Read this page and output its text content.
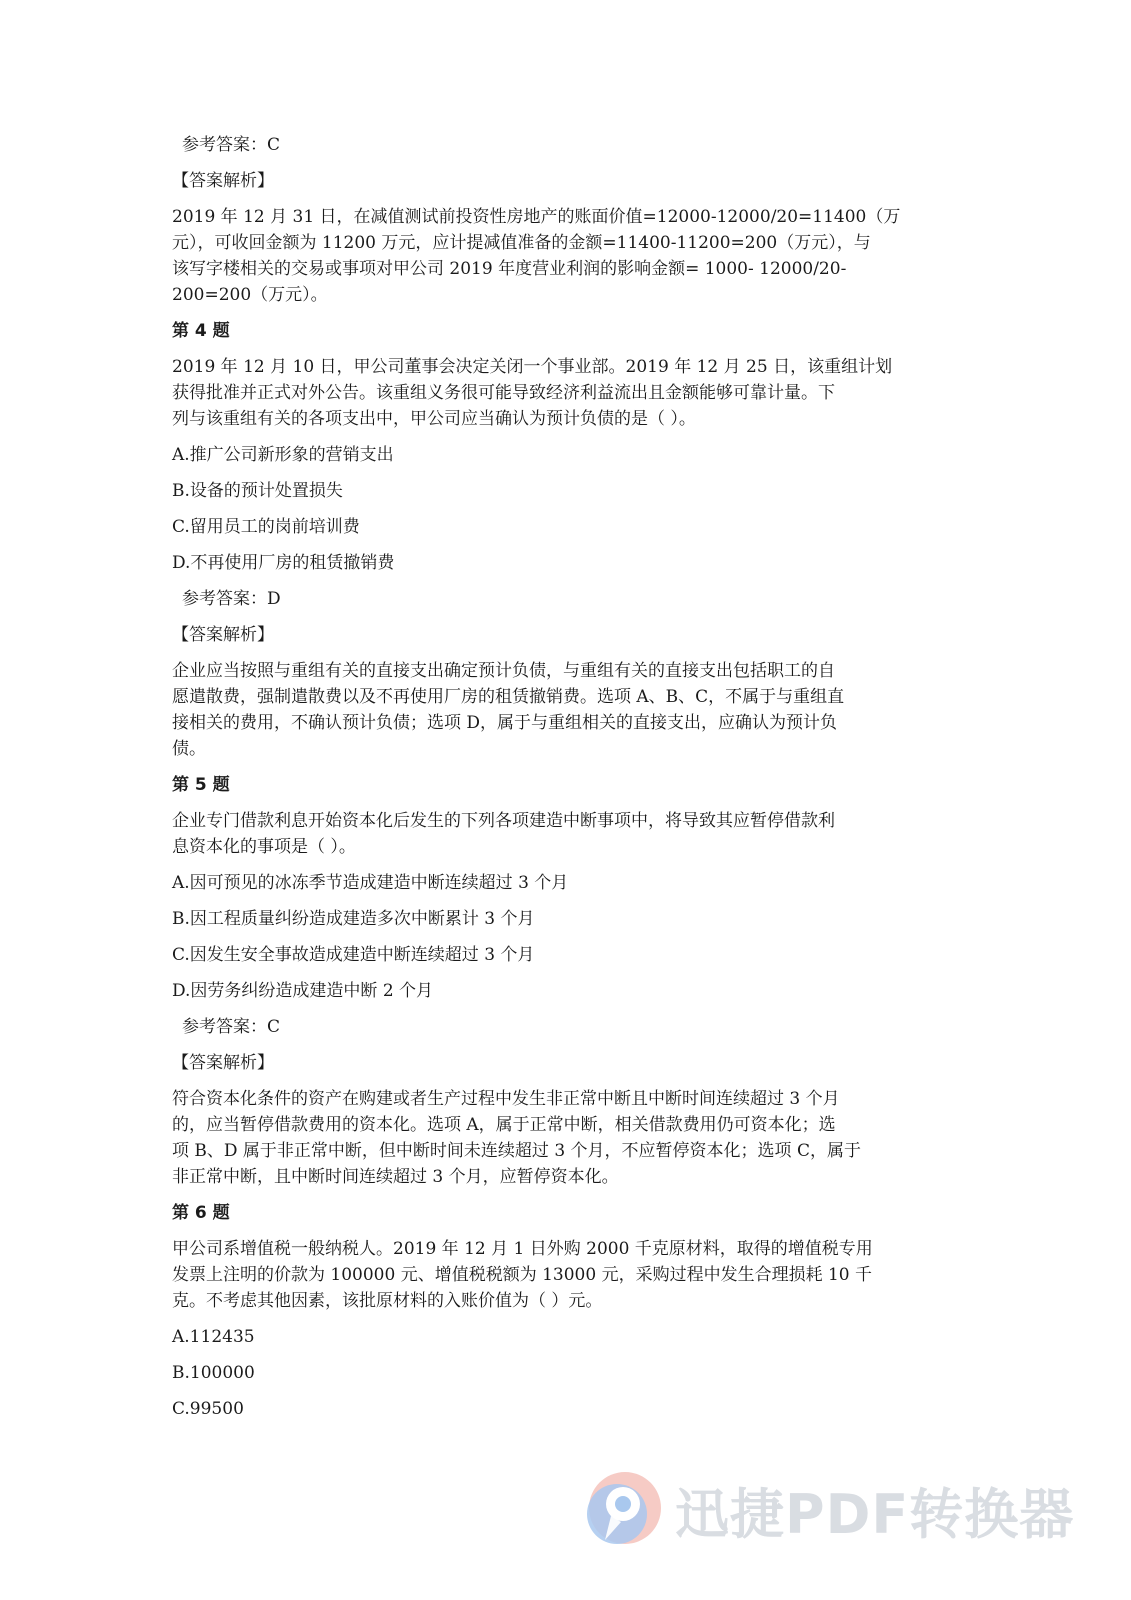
参考答案：C
【答案解析】
2019 年 12 月 31 日，在减值测试前投资性房地产的账面价值=12000-12000/20=11400（万
元），可收回金额为 11200 万元，应计提减值准备的金额=11400-11200=200（万元），与
该写字楼相关的交易或事项对甲公司 2019 年度营业利润的影响金额= 1000- 12000/20-
200=200（万元）。
第 4 题
2019 年 12 月 10 日，甲公司董事会决定关闭一个事业部。2019 年 12 月 25 日，该重组计划
获得批准并正式对外公告。该重组义务很可能导致经济利益流出且金额能够可靠计量。下
列与该重组有关的各项支出中，甲公司应当确认为预计负债的是（ ）。
A.推广公司新形象的营销支出
B.设备的预计处置损失
C.留用员工的岗前培训费
D.不再使用厂房的租赁撤销费
参考答案：D
【答案解析】
企业应当按照与重组有关的直接支出确定预计负债，与重组有关的直接支出包括职工的自
愿遣散费，强制遣散费以及不再使用厂房的租赁撤销费。选项 A、B、C，不属于与重组直
接相关的费用，不确认预计负债；选项 D，属于与重组相关的直接支出，应确认为预计负
债。
第 5 题
企业专门借款利息开始资本化后发生的下列各项建造中断事项中，将导致其应暂停借款利
息资本化的事项是（ ）。
A.因可预见的冰冻季节造成建造中断连续超过 3 个月
B.因工程质量纠纷造成建造多次中断累计 3 个月
C.因发生安全事故造成建造中断连续超过 3 个月
D.因劳务纠纷造成建造中断 2 个月
参考答案：C
【答案解析】
符合资本化条件的资产在购建或者生产过程中发生非正常中断且中断时间连续超过 3 个月
的，应当暂停借款费用的资本化。选项 A，属于正常中断，相关借款费用仍可资本化；选
项 B、D 属于非正常中断，但中断时间未连续超过 3 个月，不应暂停资本化；选项 C，属于
非正常中断，且中断时间连续超过 3 个月，应暂停资本化。
第 6 题
甲公司系增值税一般纳税人。2019 年 12 月 1 日外购 2000 千克原材料，取得的增值税专用
发票上注明的价款为 100000 元、增值税税额为 13000 元，采购过程中发生合理损耗 10 千
克。不考虑其他因素，该批原材料的入账价值为（ ）元。
A.112435
B.100000
C.99500
迅捷PDF转换器
